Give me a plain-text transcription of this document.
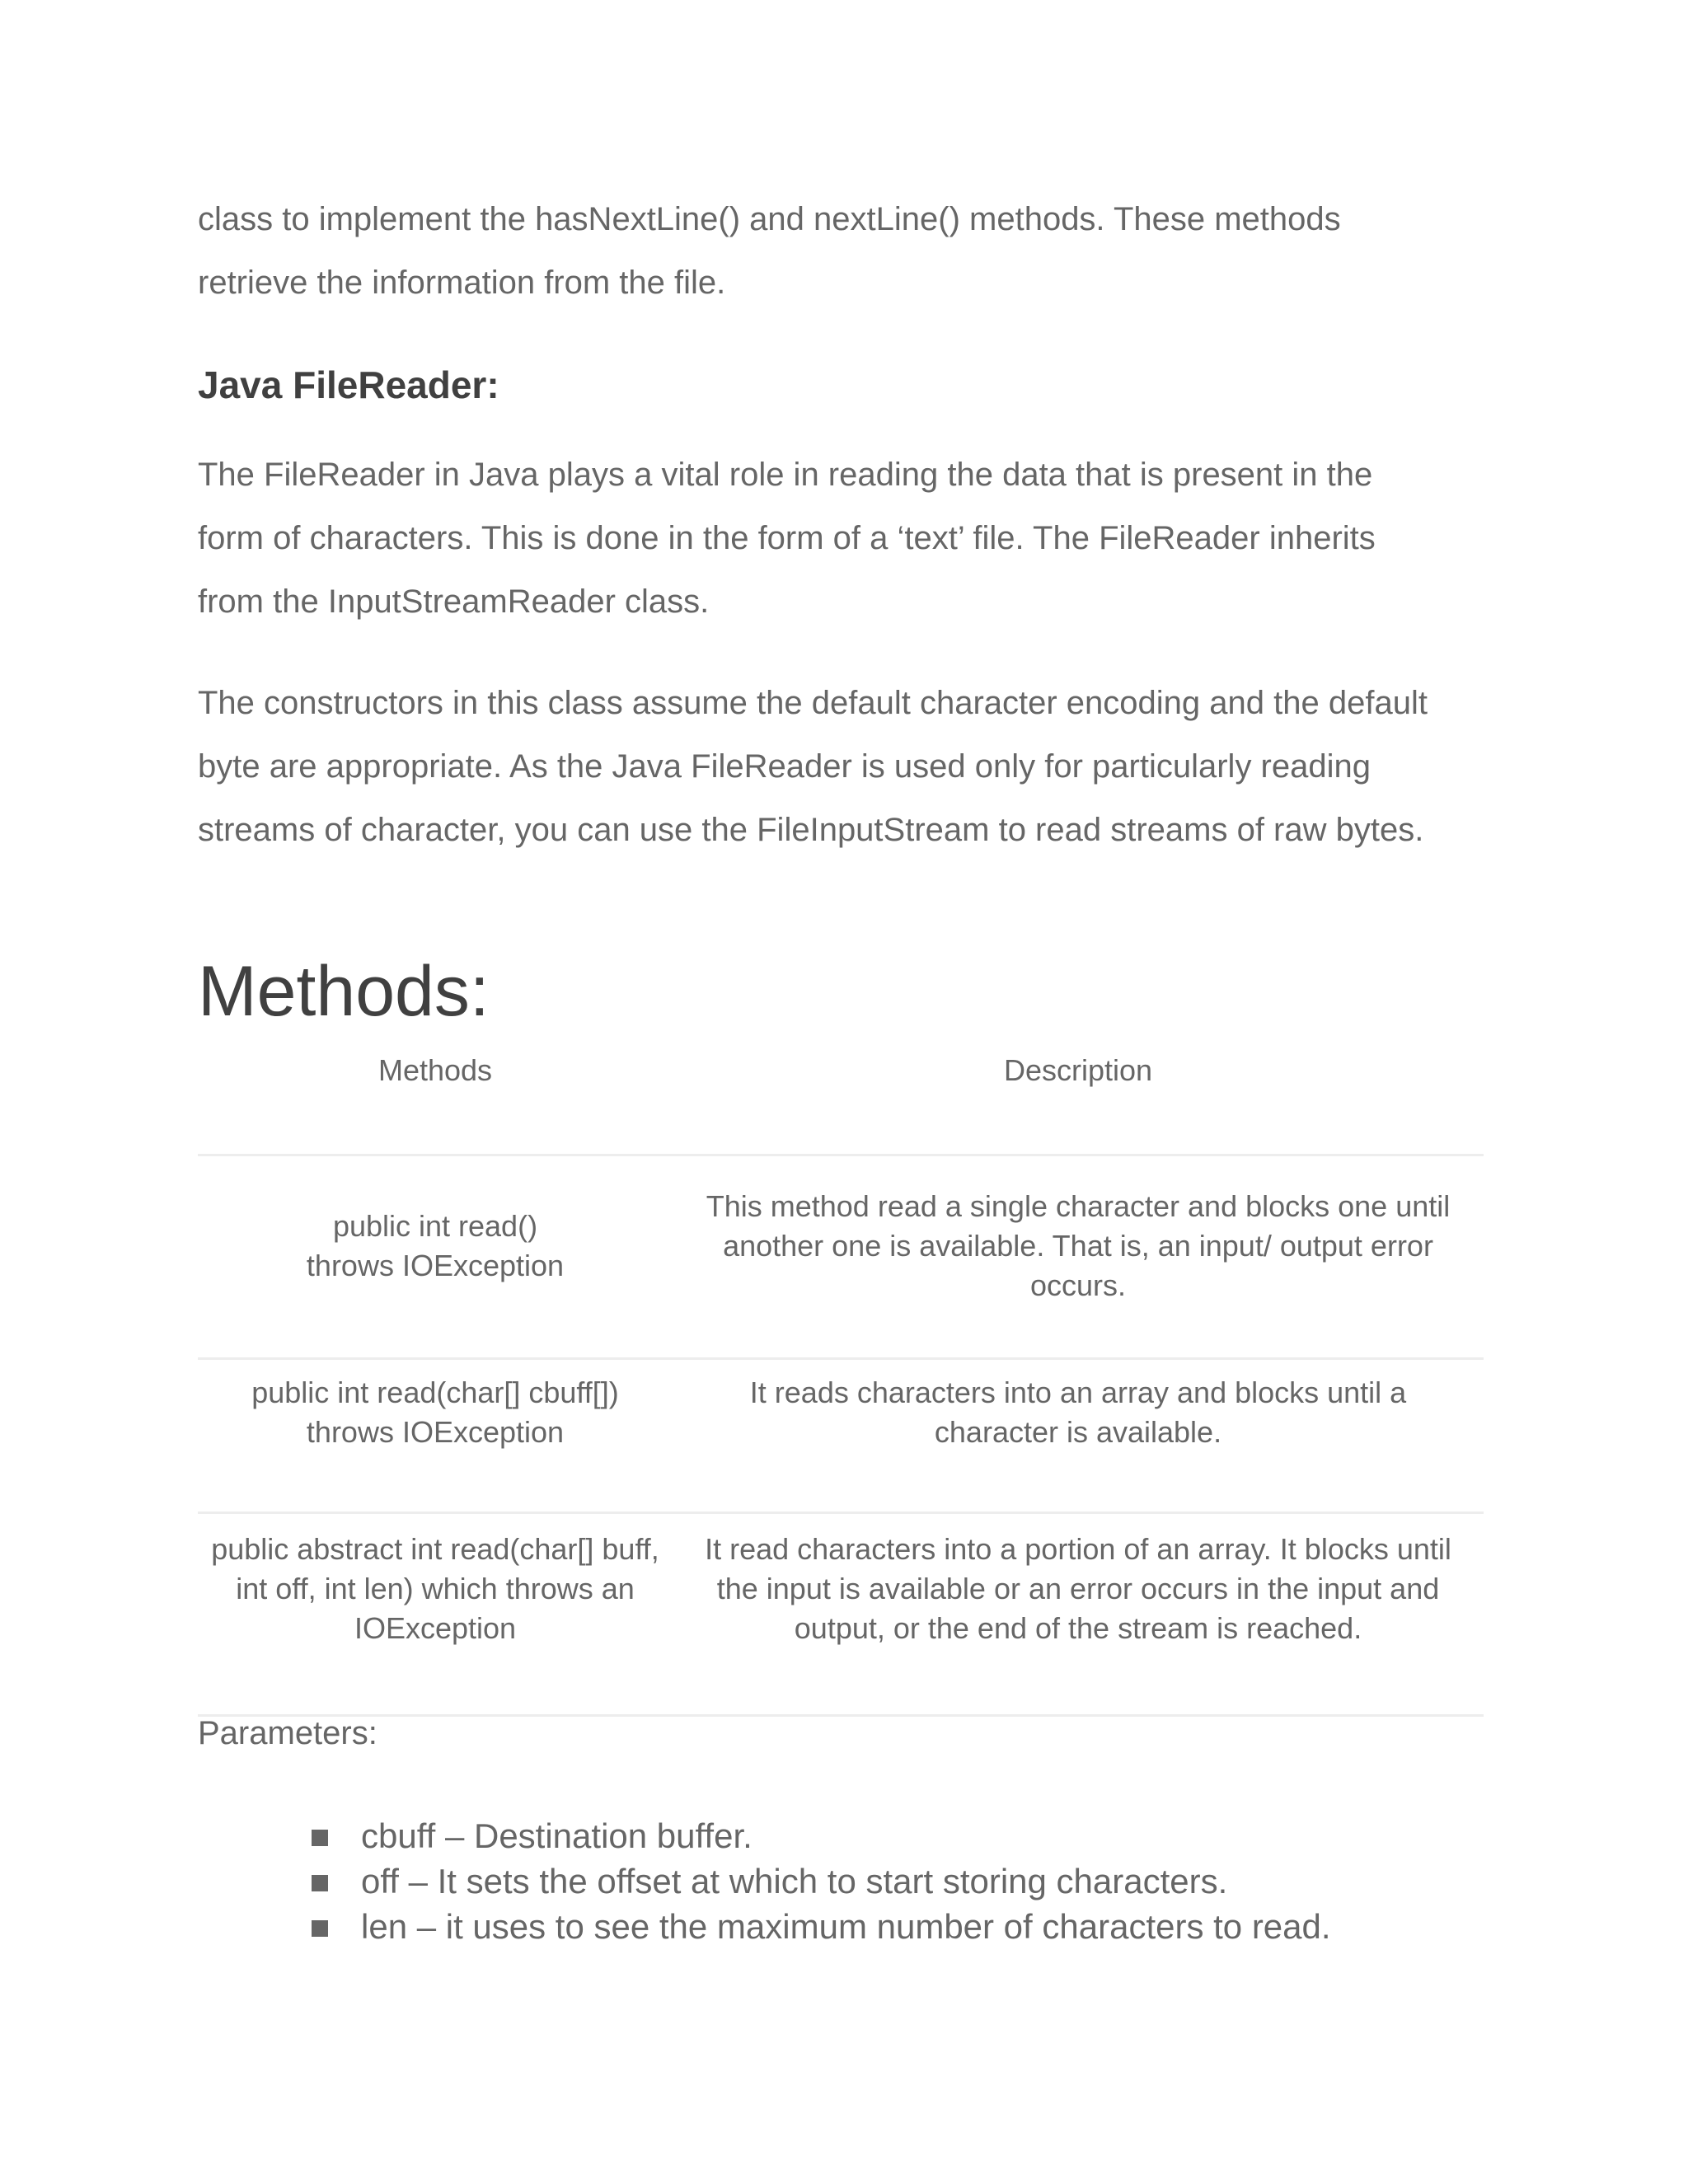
class to implement the hasNextLine() and nextLine() methods. These methods

retrieve the information from the file.

Java FileReader:

The FileReader in Java plays a vital role in reading the data that is present in the

form of characters. This is done in the form of a ‘text’ file. The FileReader inherits

from the InputStreamReader class.

The constructors in this class assume the default character encoding and the default

byte are appropriate. As the Java FileReader is used only for particularly reading

streams of character, you can use the FileInputStream to read streams of raw bytes.

Methods:
Methods	Description
public int read() throws IOException
This method read a single character and blocks one until another one is available. That is, an input/ output error occurs.
public int read(char[] cbuff[]) throws IOException
It reads characters into an array and blocks until a character is available.
public abstract int read(char[] buff, int off, int len) which throws an IOException
It read characters into a portion of an array. It blocks until the input is available or an error occurs in the input and output, or the end of the stream is reached.
Parameters:
cbuff – Destination buffer.
off – It sets the offset at which to start storing characters.
len – it uses to see the maximum number of characters to read.
